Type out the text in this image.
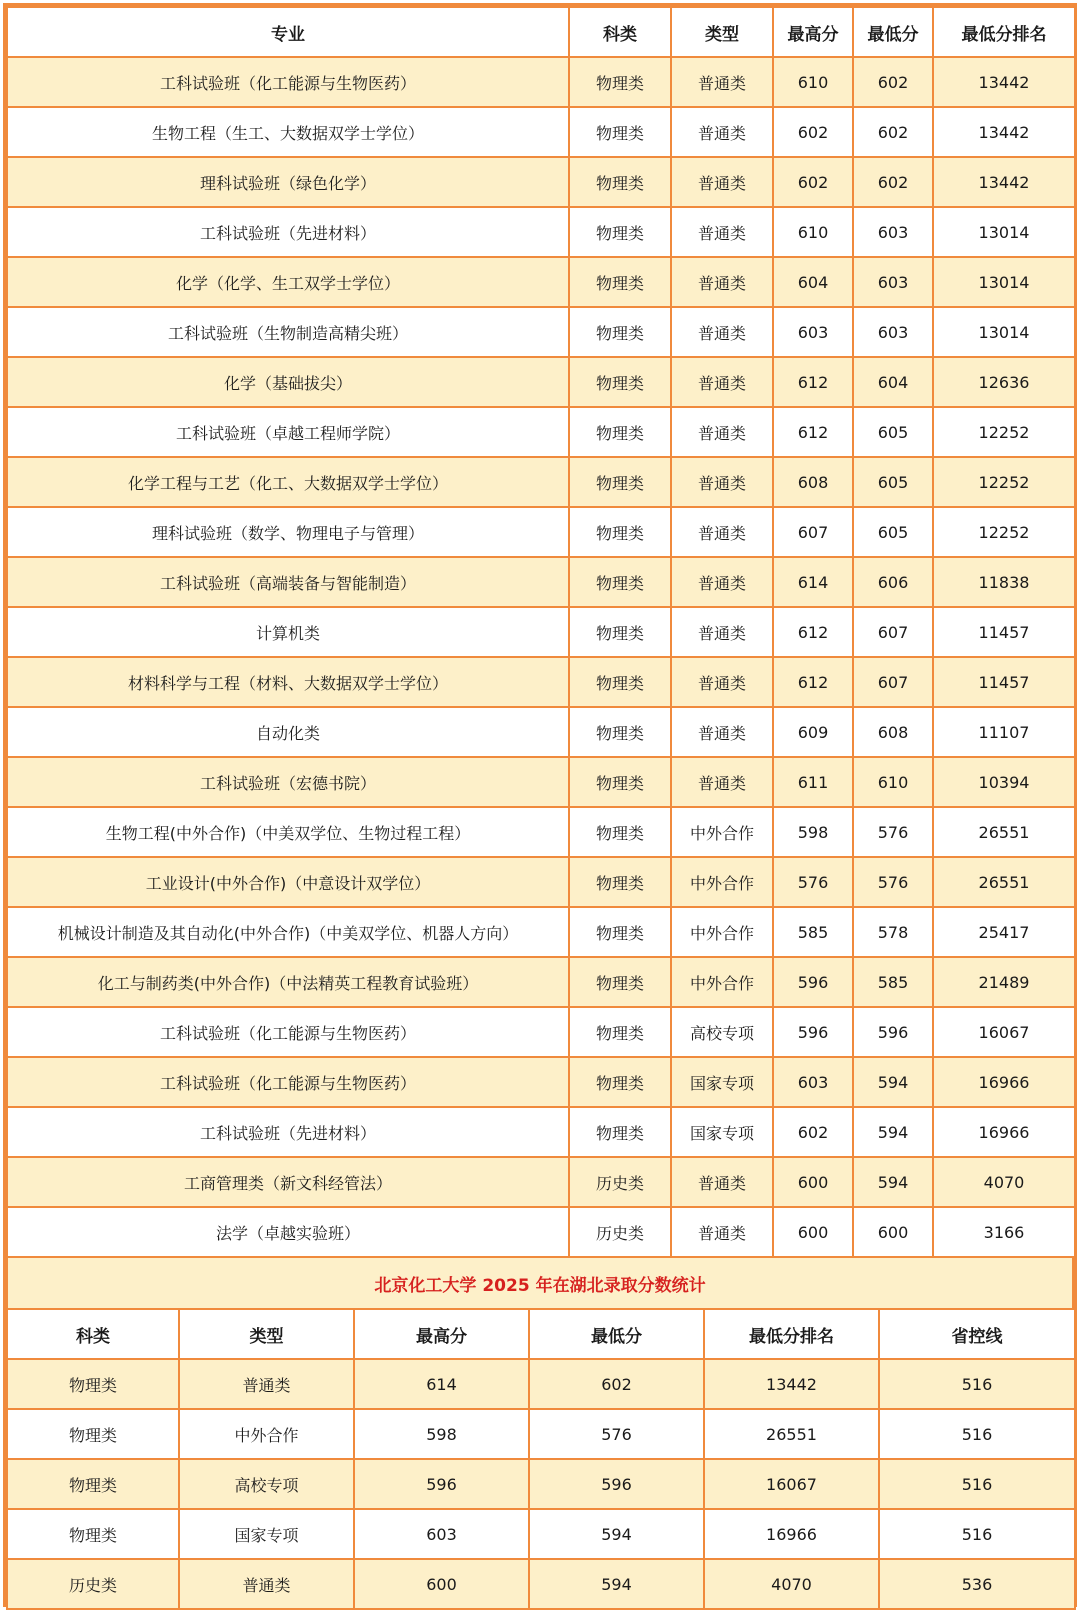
专业	科类	类型	最高分	最低分	最低分排名
工科试验班（化工能源与生物医药）	物理类	普通类	610	602	13442
生物工程（生工、大数据双学士学位）	物理类	普通类	602	602	13442
理科试验班（绿色化学）	物理类	普通类	602	602	13442
工科试验班（先进材料）	物理类	普通类	610	603	13014
化学（化学、生工双学士学位）	物理类	普通类	604	603	13014
工科试验班（生物制造高精尖班）	物理类	普通类	603	603	13014
化学（基础拔尖）	物理类	普通类	612	604	12636
工科试验班（卓越工程师学院）	物理类	普通类	612	605	12252
化学工程与工艺（化工、大数据双学士学位）	物理类	普通类	608	605	12252
理科试验班（数学、物理电子与管理）	物理类	普通类	607	605	12252
工科试验班（高端装备与智能制造）	物理类	普通类	614	606	11838
计算机类	物理类	普通类	612	607	11457
材料科学与工程（材料、大数据双学士学位）	物理类	普通类	612	607	11457
自动化类	物理类	普通类	609	608	11107
工科试验班（宏德书院）	物理类	普通类	611	610	10394
生物工程(中外合作)（中美双学位、生物过程工程）	物理类	中外合作	598	576	26551
工业设计(中外合作)（中意设计双学位）	物理类	中外合作	576	576	26551
机械设计制造及其自动化(中外合作)（中美双学位、机器人方向）	物理类	中外合作	585	578	25417
化工与制药类(中外合作)（中法精英工程教育试验班）	物理类	中外合作	596	585	21489
工科试验班（化工能源与生物医药）	物理类	高校专项	596	596	16067
工科试验班（化工能源与生物医药）	物理类	国家专项	603	594	16966
工科试验班（先进材料）	物理类	国家专项	602	594	16966
工商管理类（新文科经管法）	历史类	普通类	600	594	4070
法学（卓越实验班）	历史类	普通类	600	600	3166
北京化工大学 2025 年在湖北录取分数统计
科类	类型	最高分	最低分	最低分排名	省控线
物理类	普通类	614	602	13442	516
物理类	中外合作	598	576	26551	516
物理类	高校专项	596	596	16067	516
物理类	国家专项	603	594	16966	516
历史类	普通类	600	594	4070	536
